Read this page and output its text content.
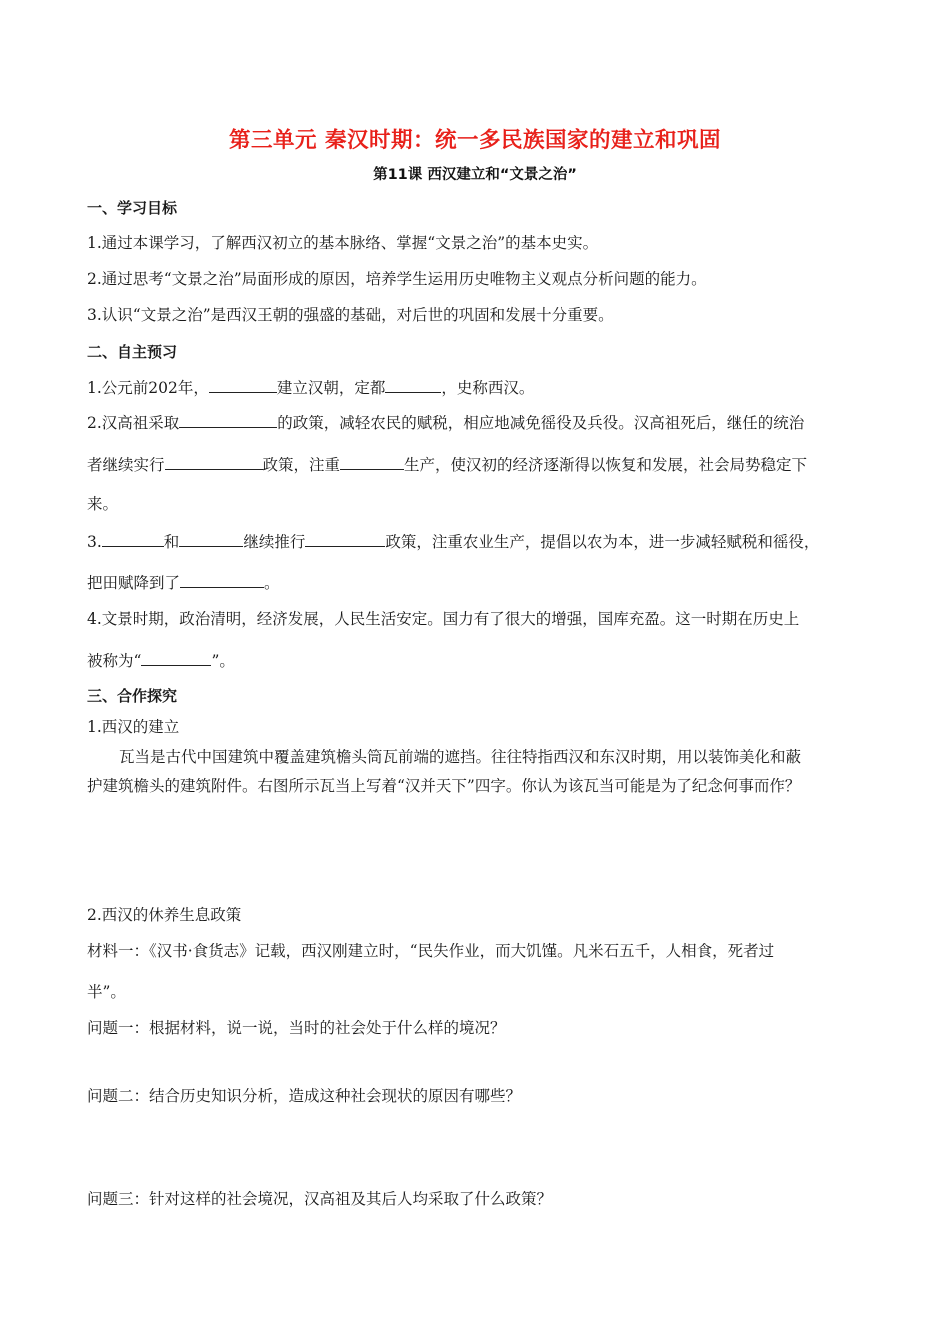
第三单元 秦汉时期：统一多民族国家的建立和巩固
第11课 西汉建立和“文景之治”
一、学习目标
1.通过本课学习，了解西汉初立的基本脉络、掌握“文景之治”的基本史实。
2.通过思考“文景之治”局面形成的原因，培养学生运用历史唯物主义观点分析问题的能力。
3.认识“文景之治”是西汉王朝的强盛的基础，对后世的巩固和发展十分重要。
二、自主预习
1.公元前202年，	建立汉朝，定都	，史称西汉。
2.汉高祖采取	的政策，减轻农民的赋税，相应地减免徭役及兵役。汉高祖死后，继任的统治
者继续实行	政策，注重	生产，使汉初的经济逐渐得以恢复和发展，社会局势稳定下
来。
3.	和	继续推行	政策，注重农业生产，提倡以农为本，进一步减轻赋税和徭役，
把田赋降到了	。
4.文景时期，政治清明，经济发展，人民生活安定。国力有了很大的增强，国库充盈。这一时期在历史上
被称为“	”。
三、合作探究
1.西汉的建立
瓦当是古代中国建筑中覆盖建筑檐头筒瓦前端的遮挡。往往特指西汉和东汉时期，用以装饰美化和蔽
护建筑檐头的建筑附件。右图所示瓦当上写着“汉并天下”四字。你认为该瓦当可能是为了纪念何事而作？
2.西汉的休养生息政策
材料一：《汉书·食货志》记载，西汉刚建立时，“民失作业，而大饥馑。凡米石五千，人相食，死者过
半”。
问题一：根据材料，说一说，当时的社会处于什么样的境况？
问题二：结合历史知识分析，造成这种社会现状的原因有哪些？
问题三：针对这样的社会境况，汉高祖及其后人均采取了什么政策？
